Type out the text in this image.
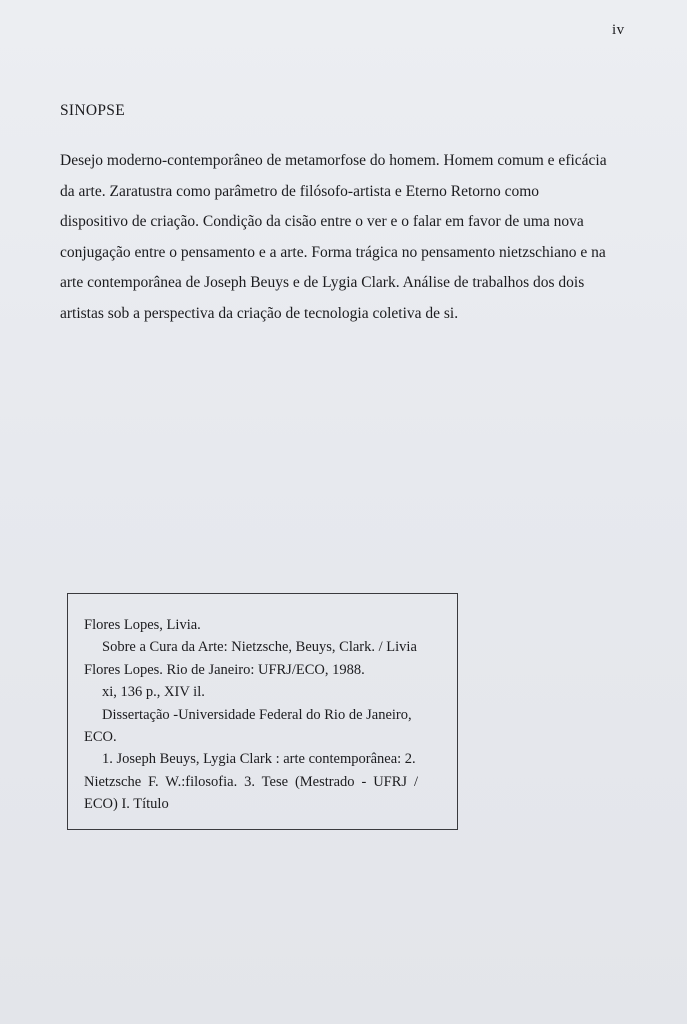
iv
SINOPSE
Desejo moderno-contemporâneo de metamorfose do homem. Homem comum e eficácia
da arte. Zaratustra como parâmetro de filósofo-artista e Eterno Retorno como
dispositivo de criação. Condição da cisão entre o ver e o falar em favor de uma nova
conjugação entre o pensamento e a arte. Forma trágica no pensamento nietzschiano e na
arte contemporânea de Joseph Beuys e de Lygia Clark. Análise de trabalhos dos dois
artistas sob a perspectiva da criação de tecnologia coletiva de si.
Flores Lopes, Livia.
Sobre a Cura da Arte: Nietzsche, Beuys, Clark. / Livia
Flores Lopes. Rio de Janeiro: UFRJ/ECO, 1988.
xi, 136 p., XIV il.
Dissertação -Universidade Federal do Rio de Janeiro,
ECO.
1. Joseph Beuys, Lygia Clark : arte contemporânea: 2.
Nietzsche F. W.:filosofia. 3. Tese (Mestrado - UFRJ /
ECO) I. Título
